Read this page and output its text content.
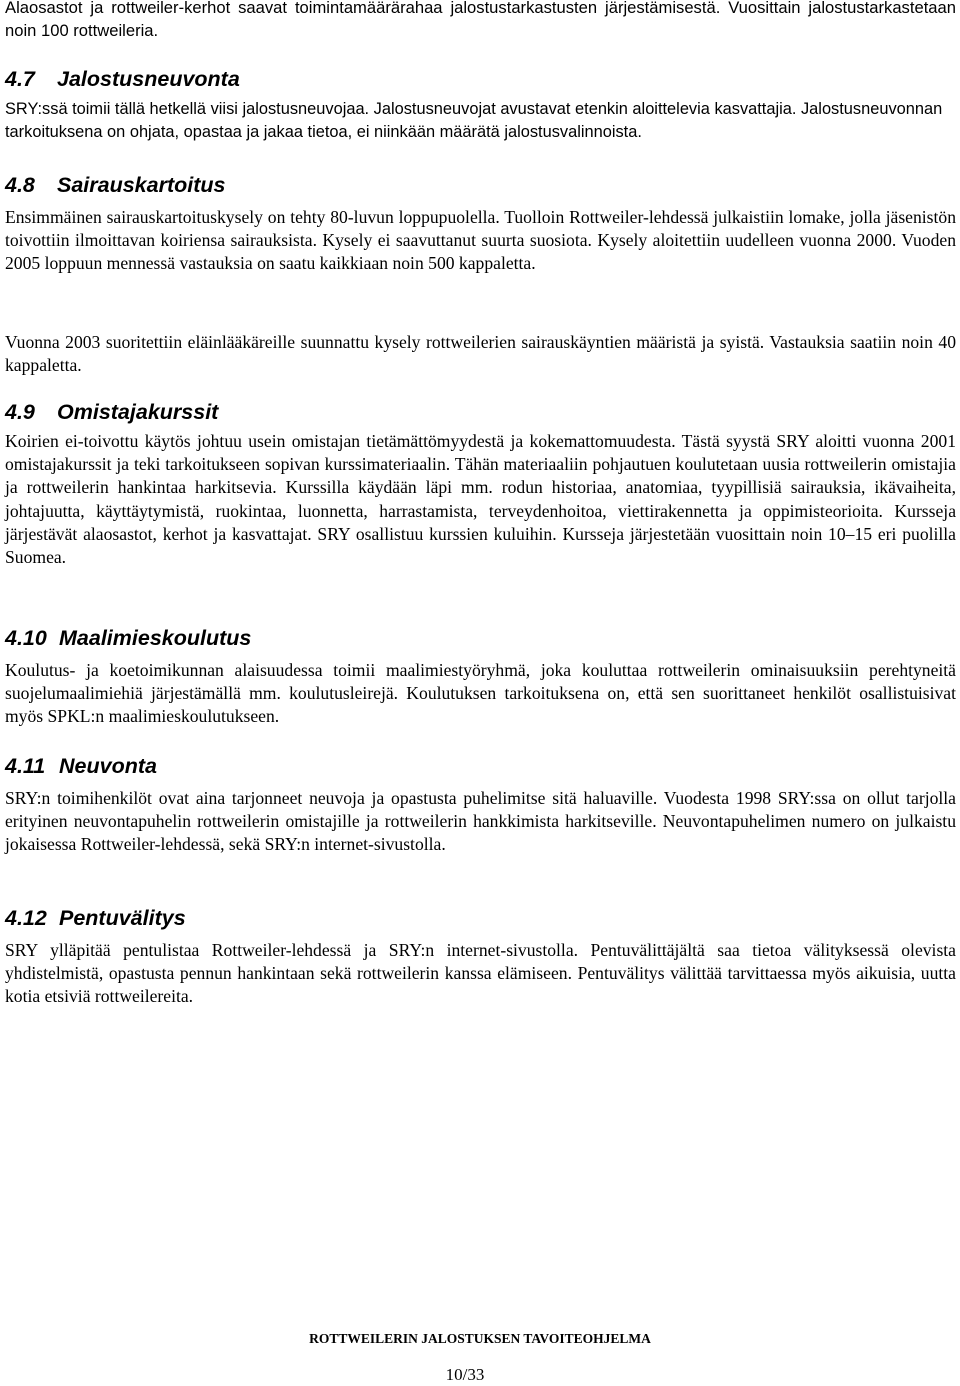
Alaosastot ja rottweiler-kerhot saavat toimintamäärärahaa jalostustarkastusten järjestämisestä. Vuosittain jalostustarkastetaan noin 100 rottweileria.

4.7	Jalostusneuvonta

SRY:ssä toimii tällä hetkellä viisi jalostusneuvojaa. Jalostusneuvojat avustavat etenkin aloittelevia kasvattajia. Jalostusneuvonnan tarkoituksena on ohjata, opastaa ja jakaa tietoa, ei niinkään määrätä jalostusvalinnoista.

4.8	Sairauskartoitus

Ensimmäinen sairauskartoituskysely on tehty 80-luvun loppupuolella. Tuolloin Rottweiler-lehdessä julkaistiin lomake, jolla jäsenistön toivottiin ilmoittavan koiriensa sairauksista. Kysely ei saavuttanut suurta suosiota. Kysely aloitettiin uudelleen vuonna 2000. Vuoden 2005 loppuun mennessä vastauksia on saatu kaikkiaan noin 500 kappaletta.

Vuonna 2003 suoritettiin eläinlääkäreille suunnattu kysely rottweilerien sairauskäyntien määristä ja syistä. Vastauksia saatiin noin 40 kappaletta.

4.9	Omistajakurssit

Koirien ei-toivottu käytös johtuu usein omistajan tietämättömyydestä ja kokemattomuudesta. Tästä syystä SRY aloitti vuonna 2001 omistajakurssit ja teki tarkoitukseen sopivan kurssimateriaalin. Tähän materiaaliin pohjautuen koulutetaan uusia rottweilerin omistajia ja rottweilerin hankintaa harkitsevia. Kurssilla käydään läpi mm. rodun historiaa, anatomiaa, tyypillisiä sairauksia, ikävaiheita, johtajuutta, käyttäytymistä, ruokintaa, luonnetta, harrastamista, terveydenhoitoa, viettirakennetta ja oppimisteorioita. Kursseja järjestävät alaosastot, kerhot ja kasvattajat. SRY osallistuu kurssien kuluihin. Kursseja järjestetään vuosittain noin 10–15 eri puolilla Suomea.

4.10 Maalimieskoulutus

Koulutus- ja koetoimikunnan alaisuudessa toimii maalimiestyöryhmä, joka kouluttaa rottweilerin ominaisuuksiin perehtyneitä suojelumaalimiehiä järjestämällä mm. koulutusleirejä. Koulutuksen tarkoituksena on, että sen suorittaneet henkilöt osallistuisivat myös SPKL:n maalimieskoulutukseen.

4.11 Neuvonta

SRY:n toimihenkilöt ovat aina tarjonneet neuvoja ja opastusta puhelimitse sitä haluaville. Vuodesta 1998 SRY:ssa on ollut tarjolla erityinen neuvontapuhelin rottweilerin omistajille ja rottweilerin hankkimista harkitseville. Neuvontapuhelimen numero on julkaistu jokaisessa Rottweiler-lehdessä, sekä SRY:n internet-sivustolla.

4.12 Pentuvälitys

SRY ylläpitää pentulistaa Rottweiler-lehdessä ja SRY:n internet-sivustolla. Pentuvälittäjältä saa tietoa välityksessä olevista yhdistelmistä, opastusta pennun hankintaan sekä rottweilerin kanssa elämiseen. Pentuvälitys välittää tarvittaessa myös aikuisia, uutta kotia etsiviä rottweilereita.

ROTTWEILERIN JALOSTUKSEN TAVOITEOHJELMA
10/33
